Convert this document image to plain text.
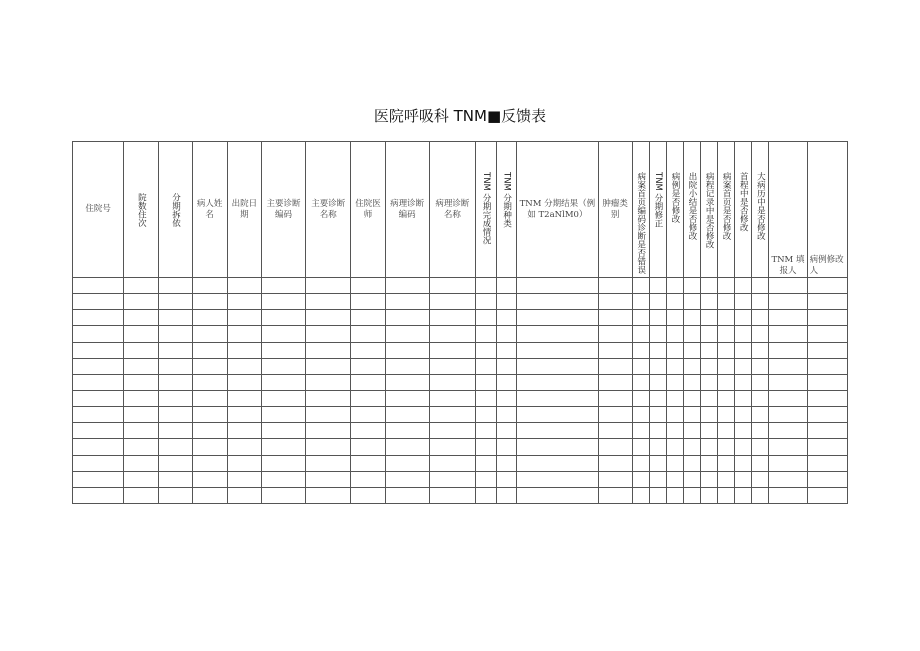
医院呼吸科 TNM■反馈表
住院号	院数住次	分期拆依	病人姓名	出院日期	主要诊断编码	主要诊断名称	住院医师	病理诊断编码	病理诊断名称	TNM 分期完成情况	TNM 分期种类	TNM 分期结果（例如 T2aNlM0）	肿瘤类别	病案首页编码诊断是否错误	TNM 分期修正	病例是否修改	出院小结是否修改	病程记录中是否修改	病案首页是否修改	首程中是否修改	大病历中是否修改	TNM 填报人	病例修改人
